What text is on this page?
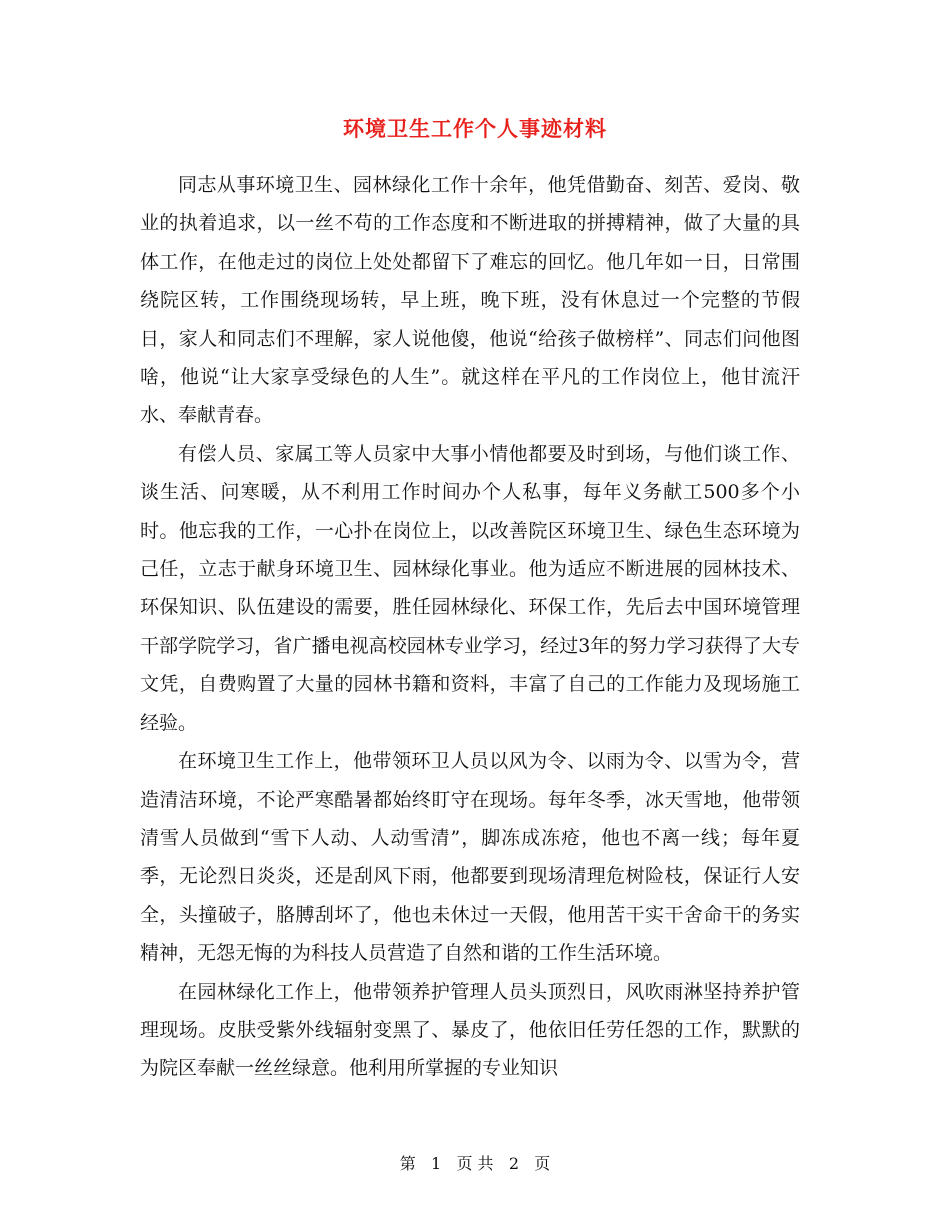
环境卫生工作个人事迹材料

同志从事环境卫生、园林绿化工作十余年，他凭借勤奋、刻苦、爱岗、敬业的执着追求，以一丝不苟的工作态度和不断进取的拼搏精神，做了大量的具体工作，在他走过的岗位上处处都留下了难忘的回忆。他几年如一日，日常围绕院区转，工作围绕现场转，早上班，晚下班，没有休息过一个完整的节假日，家人和同志们不理解，家人说他傻，他说“给孩子做榜样”、同志们问他图啥，他说“让大家享受绿色的人生”。就这样在平凡的工作岗位上，他甘流汗水、奉献青春。

有偿人员、家属工等人员家中大事小情他都要及时到场，与他们谈工作、谈生活、问寒暖，从不利用工作时间办个人私事，每年义务献工500多个小时。他忘我的工作，一心扑在岗位上，以改善院区环境卫生、绿色生态环境为己任，立志于献身环境卫生、园林绿化事业。他为适应不断进展的园林技术、环保知识、队伍建设的需要，胜任园林绿化、环保工作，先后去中国环境管理干部学院学习，省广播电视高校园林专业学习，经过3年的努力学习获得了大专文凭，自费购置了大量的园林书籍和资料，丰富了自己的工作能力及现场施工经验。

在环境卫生工作上，他带领环卫人员以风为令、以雨为令、以雪为令，营造清洁环境，不论严寒酷暑都始终盯守在现场。每年冬季，冰天雪地，他带领清雪人员做到“雪下人动、人动雪清”，脚冻成冻疮，他也不离一线；每年夏季，无论烈日炎炎，还是刮风下雨，他都要到现场清理危树险枝，保证行人安全，头撞破子，胳膊刮坏了，他也未休过一天假，他用苦干实干舍命干的务实精神，无怨无悔的为科技人员营造了自然和谐的工作生活环境。

在园林绿化工作上，他带领养护管理人员头顶烈日，风吹雨淋坚持养护管理现场。皮肤受紫外线辐射变黑了、暴皮了，他依旧任劳任怨的工作，默默的为院区奉献一丝丝绿意。他利用所掌握的专业知识

第 1 页 共 2 页
